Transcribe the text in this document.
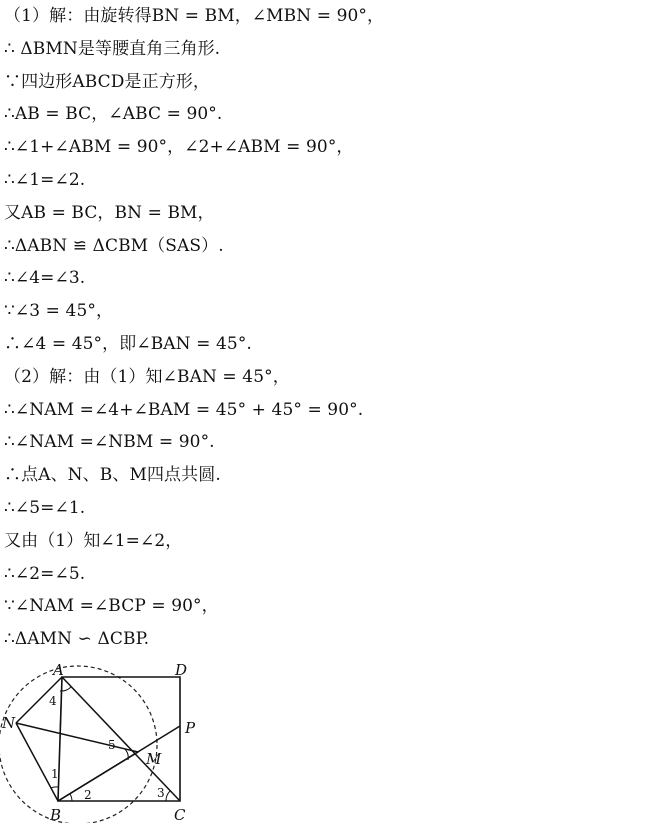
（1）解：由旋转得BN = BM，∠MBN = 90°，
∴ ΔBMN是等腰直角三角形.
∵四边形ABCD是正方形，
∴AB = BC，∠ABC = 90°.
∴∠1+∠ABM = 90°，∠2+∠ABM = 90°，
∴∠1=∠2.
又AB = BC，BN = BM，
∴ΔABN ≌ ΔCBM（SAS）.
∴∠4=∠3.
∵∠3 = 45°，
∴∠4 = 45°，即∠BAN = 45°.
（2）解：由（1）知∠BAN = 45°，
∴∠NAM =∠4+∠BAM = 45° + 45° = 90°.
∴∠NAM =∠NBM = 90°.
∴点A、N、B、M四点共圆.
∴∠5=∠1.
又由（1）知∠1=∠2，
∴∠2=∠5.
∵∠NAM =∠BCP = 90°，
∴ΔAMN ∽ ΔCBP.
A
B	C
D
N
M
P
1
2	3
4
5
